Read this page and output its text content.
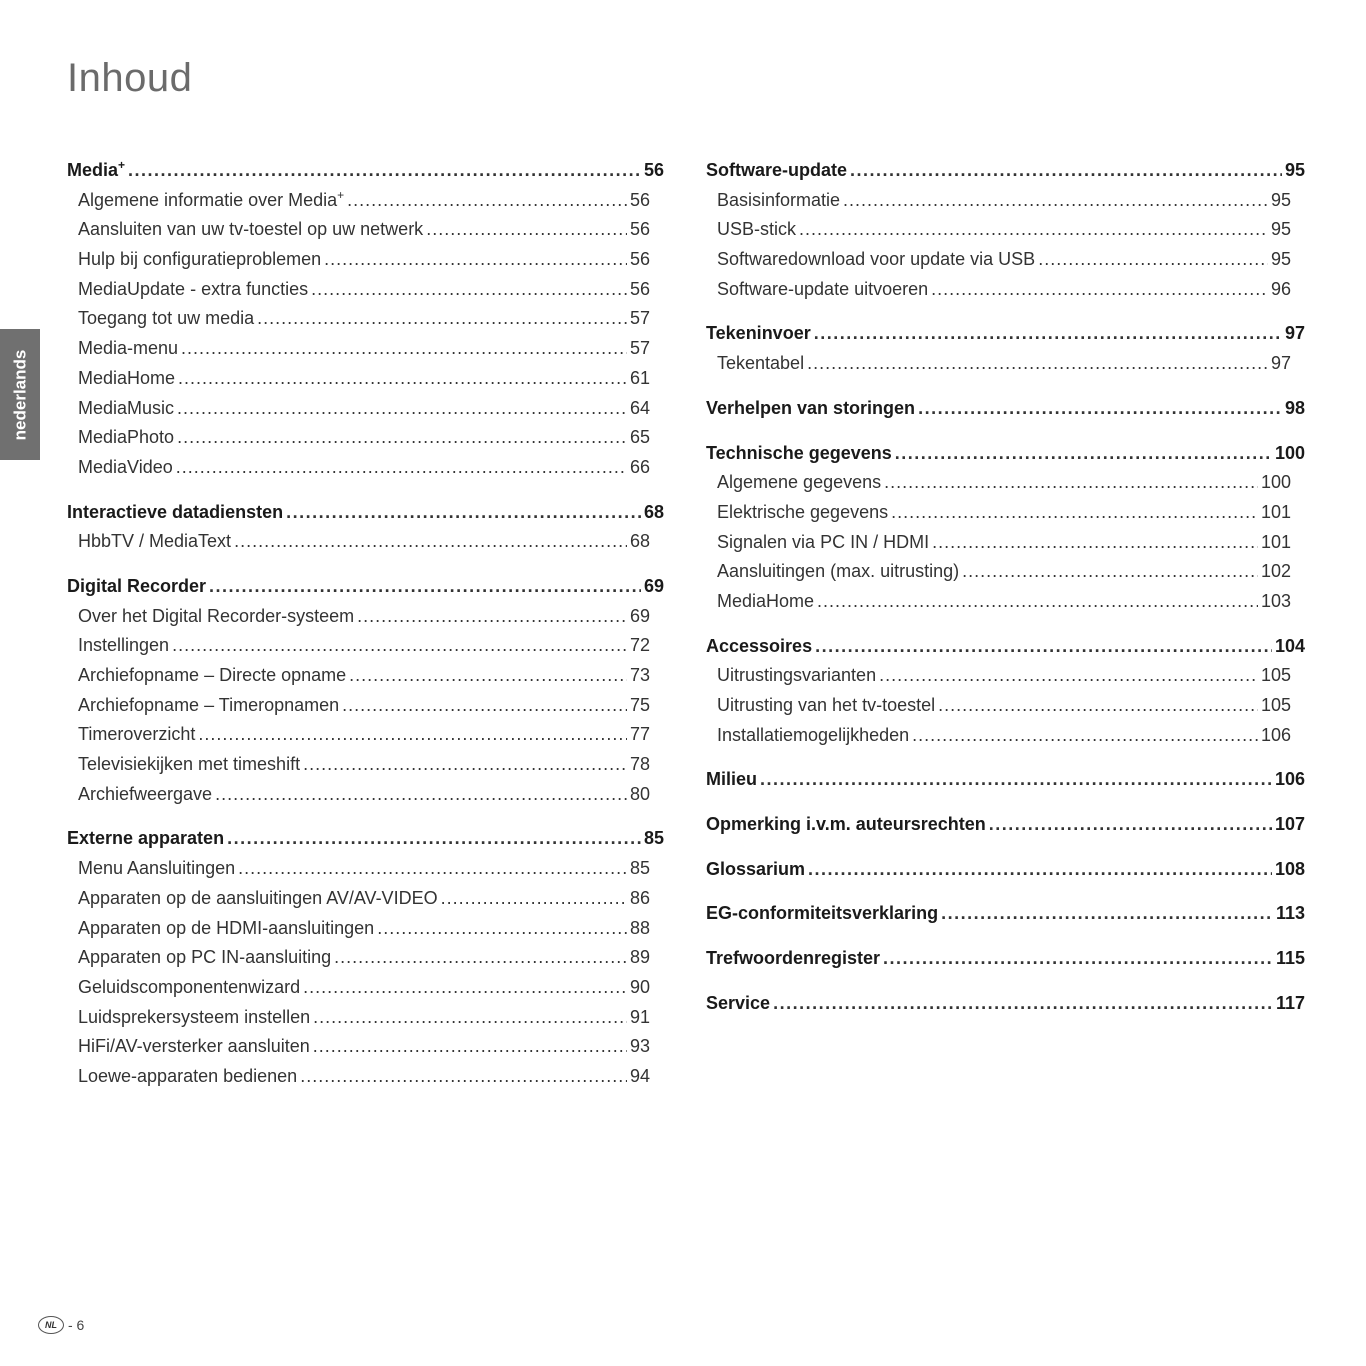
Inhoud
nederlands
Media+ .....	56
Algemene informatie over Media+ .....	56
Aansluiten van uw tv-toestel op uw netwerk .....	56
Hulp bij configuratieproblemen .....	56
MediaUpdate - extra functies .....	56
Toegang tot uw media .....	57
Media-menu .....	57
MediaHome .....	61
MediaMusic .....	64
MediaPhoto .....	65
MediaVideo .....	66
Interactieve datadiensten .....	68
HbbTV / MediaText .....	68
Digital Recorder .....	69
Over het Digital Recorder-systeem .....	69
Instellingen .....	72
Archiefopname – Directe opname .....	73
Archiefopname – Timeropnamen .....	75
Timeroverzicht .....	77
Televisiekijken met timeshift .....	78
Archiefweergave .....	80
Externe apparaten .....	85
Menu Aansluitingen .....	85
Apparaten op de aansluitingen AV/AV-VIDEO .....	86
Apparaten op de HDMI-aansluitingen .....	88
Apparaten op PC IN-aansluiting .....	89
Geluidscomponentenwizard .....	90
Luidsprekersysteem instellen .....	91
HiFi/AV-versterker aansluiten .....	93
Loewe-apparaten bedienen .....	94
Software-update .....	95
Basisinformatie .....	95
USB-stick .....	95
Softwaredownload voor update via USB .....	95
Software-update uitvoeren .....	96
Tekeninvoer .....	97
Tekentabel .....	97
Verhelpen van storingen .....	98
Technische gegevens .....	100
Algemene gegevens .....	100
Elektrische gegevens .....	101
Signalen via PC IN / HDMI .....	101
Aansluitingen (max. uitrusting) .....	102
MediaHome .....	103
Accessoires .....	104
Uitrustingsvarianten .....	105
Uitrusting van het tv-toestel .....	105
Installatiemogelijkheden .....	106
Milieu .....	106
Opmerking i.v.m. auteursrechten .....	107
Glossarium .....	108
EG-conformiteitsverklaring .....	113
Trefwoordenregister .....	115
Service .....	117
NL - 6
